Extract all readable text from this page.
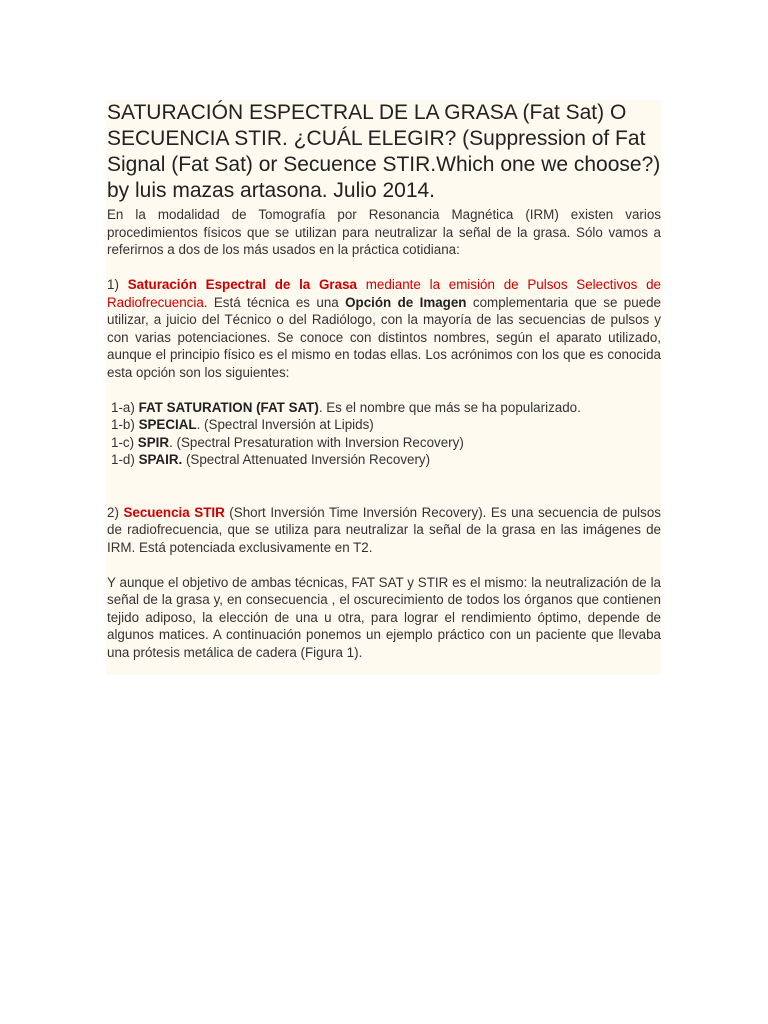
SATURACIÓN ESPECTRAL DE LA GRASA (Fat Sat) O SECUENCIA STIR. ¿CUÁL ELEGIR? (Suppression of Fat Signal (Fat Sat) or Secuence STIR.Which one we choose?) by luis mazas artasona. Julio 2014.

En la modalidad de Tomografía por Resonancia Magnética (IRM) existen varios procedimientos físicos que se utilizan para neutralizar la señal de la grasa. Sólo vamos a referirnos a dos de los más usados en la práctica cotidiana:

1) Saturación Espectral de la Grasa mediante la emisión de Pulsos Selectivos de Radiofrecuencia. Está técnica es una Opción de Imagen complementaria que se puede utilizar, a juicio del Técnico o del Radiólogo, con la mayoría de las secuencias de pulsos y con varias potenciaciones. Se conoce con distintos nombres, según el aparato utilizado, aunque el principio físico es el mismo en todas ellas. Los acrónimos con los que es conocida esta opción son los siguientes:

1-a) FAT SATURATION (FAT SAT). Es el nombre que más se ha popularizado.
1-b) SPECIAL. (Spectral Inversión at Lipids)
1-c) SPIR. (Spectral Presaturation with Inversion Recovery)
1-d) SPAIR. (Spectral Attenuated Inversión Recovery)

2) Secuencia STIR (Short Inversión Time Inversión Recovery). Es una secuencia de pulsos de radiofrecuencia, que se utiliza para neutralizar la señal de la grasa en las imágenes de IRM. Está potenciada exclusivamente en T2.

Y aunque el objetivo de ambas técnicas, FAT SAT y STIR es el mismo: la neutralización de la señal de la grasa y, en consecuencia , el oscurecimiento de todos los órganos que contienen tejido adiposo, la elección de una u otra, para lograr el rendimiento óptimo, depende de algunos matices. A continuación ponemos un ejemplo práctico con un paciente que llevaba una prótesis metálica de cadera (Figura 1).
